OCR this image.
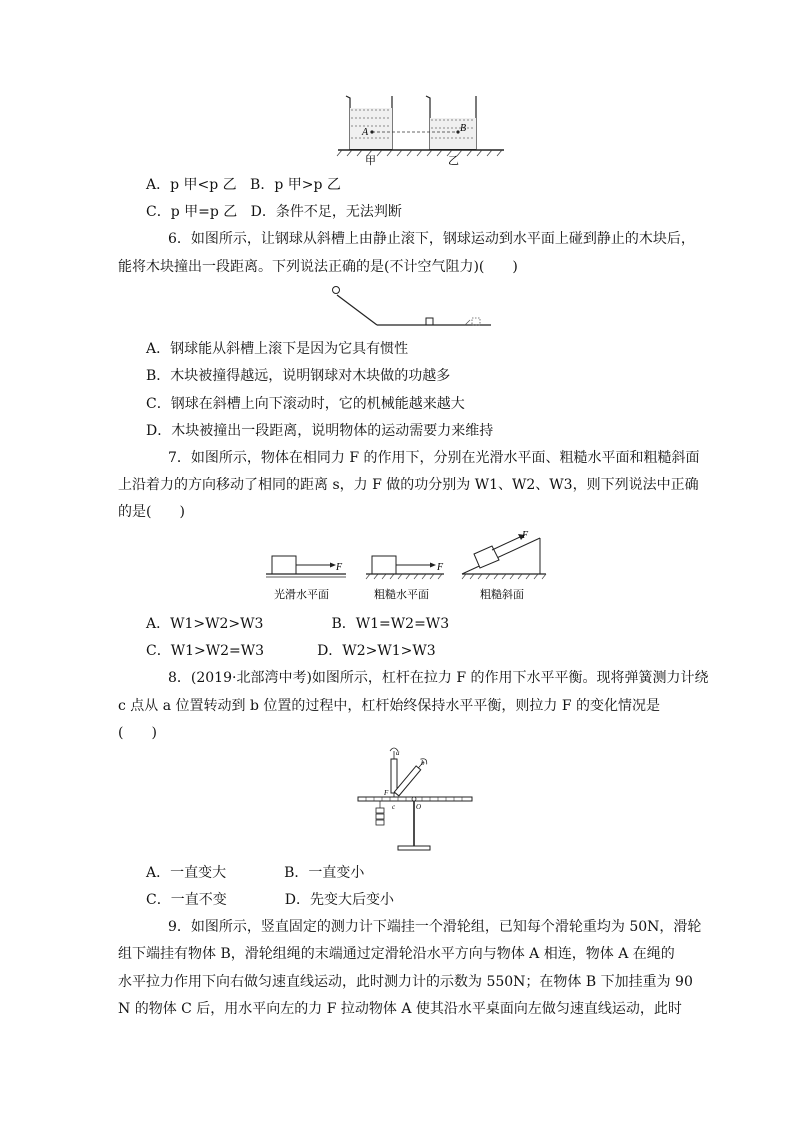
A	B
甲	乙
A．p 甲<p 乙 B．p 甲>p 乙
C．p 甲=p 乙 D．条件不足，无法判断
6．如图所示，让钢球从斜槽上由静止滚下，钢球运动到水平面上碰到静止的木块后，
能将木块撞出一段距离。下列说法正确的是(不计空气阻力)(　　)
A．钢球能从斜槽上滚下是因为它具有惯性
B．木块被撞得越远，说明钢球对木块做的功越多
C．钢球在斜槽上向下滚动时，它的机械能越来越大
D．木块被撞出一段距离，说明物体的运动需要力来维持
7．如图所示，物体在相同力 F 的作用下，分别在光滑水平面、粗糙水平面和粗糙斜面
上沿着力的方向移动了相同的距离 s，力 F 做的功分别为 W1、W2、W3，则下列说法中正确
的是(　　)
F	F
F
光滑水平面	粗糙水平面	粗糙斜面
A．W1>W2>W3	B．W1=W2=W3
C．W1>W2=W3	D．W2>W1>W3
8．(2019·北部湾中考)如图所示，杠杆在拉力 F 的作用下水平平衡。现将弹簧测力计绕
c 点从 a 位置转动到 b 位置的过程中，杠杆始终保持水平平衡，则拉力 F 的变化情况是
(　　)
a
b
F
c	O
A．一直变大	B．一直变小
C．一直不变	D．先变大后变小
9．如图所示，竖直固定的测力计下端挂一个滑轮组，已知每个滑轮重均为 50N，滑轮
组下端挂有物体 B，滑轮组绳的末端通过定滑轮沿水平方向与物体 A 相连，物体 A 在绳的
水平拉力作用下向右做匀速直线运动，此时测力计的示数为 550N；在物体 B 下加挂重为 90
N 的物体 C 后，用水平向左的力 F 拉动物体 A 使其沿水平桌面向左做匀速直线运动，此时
